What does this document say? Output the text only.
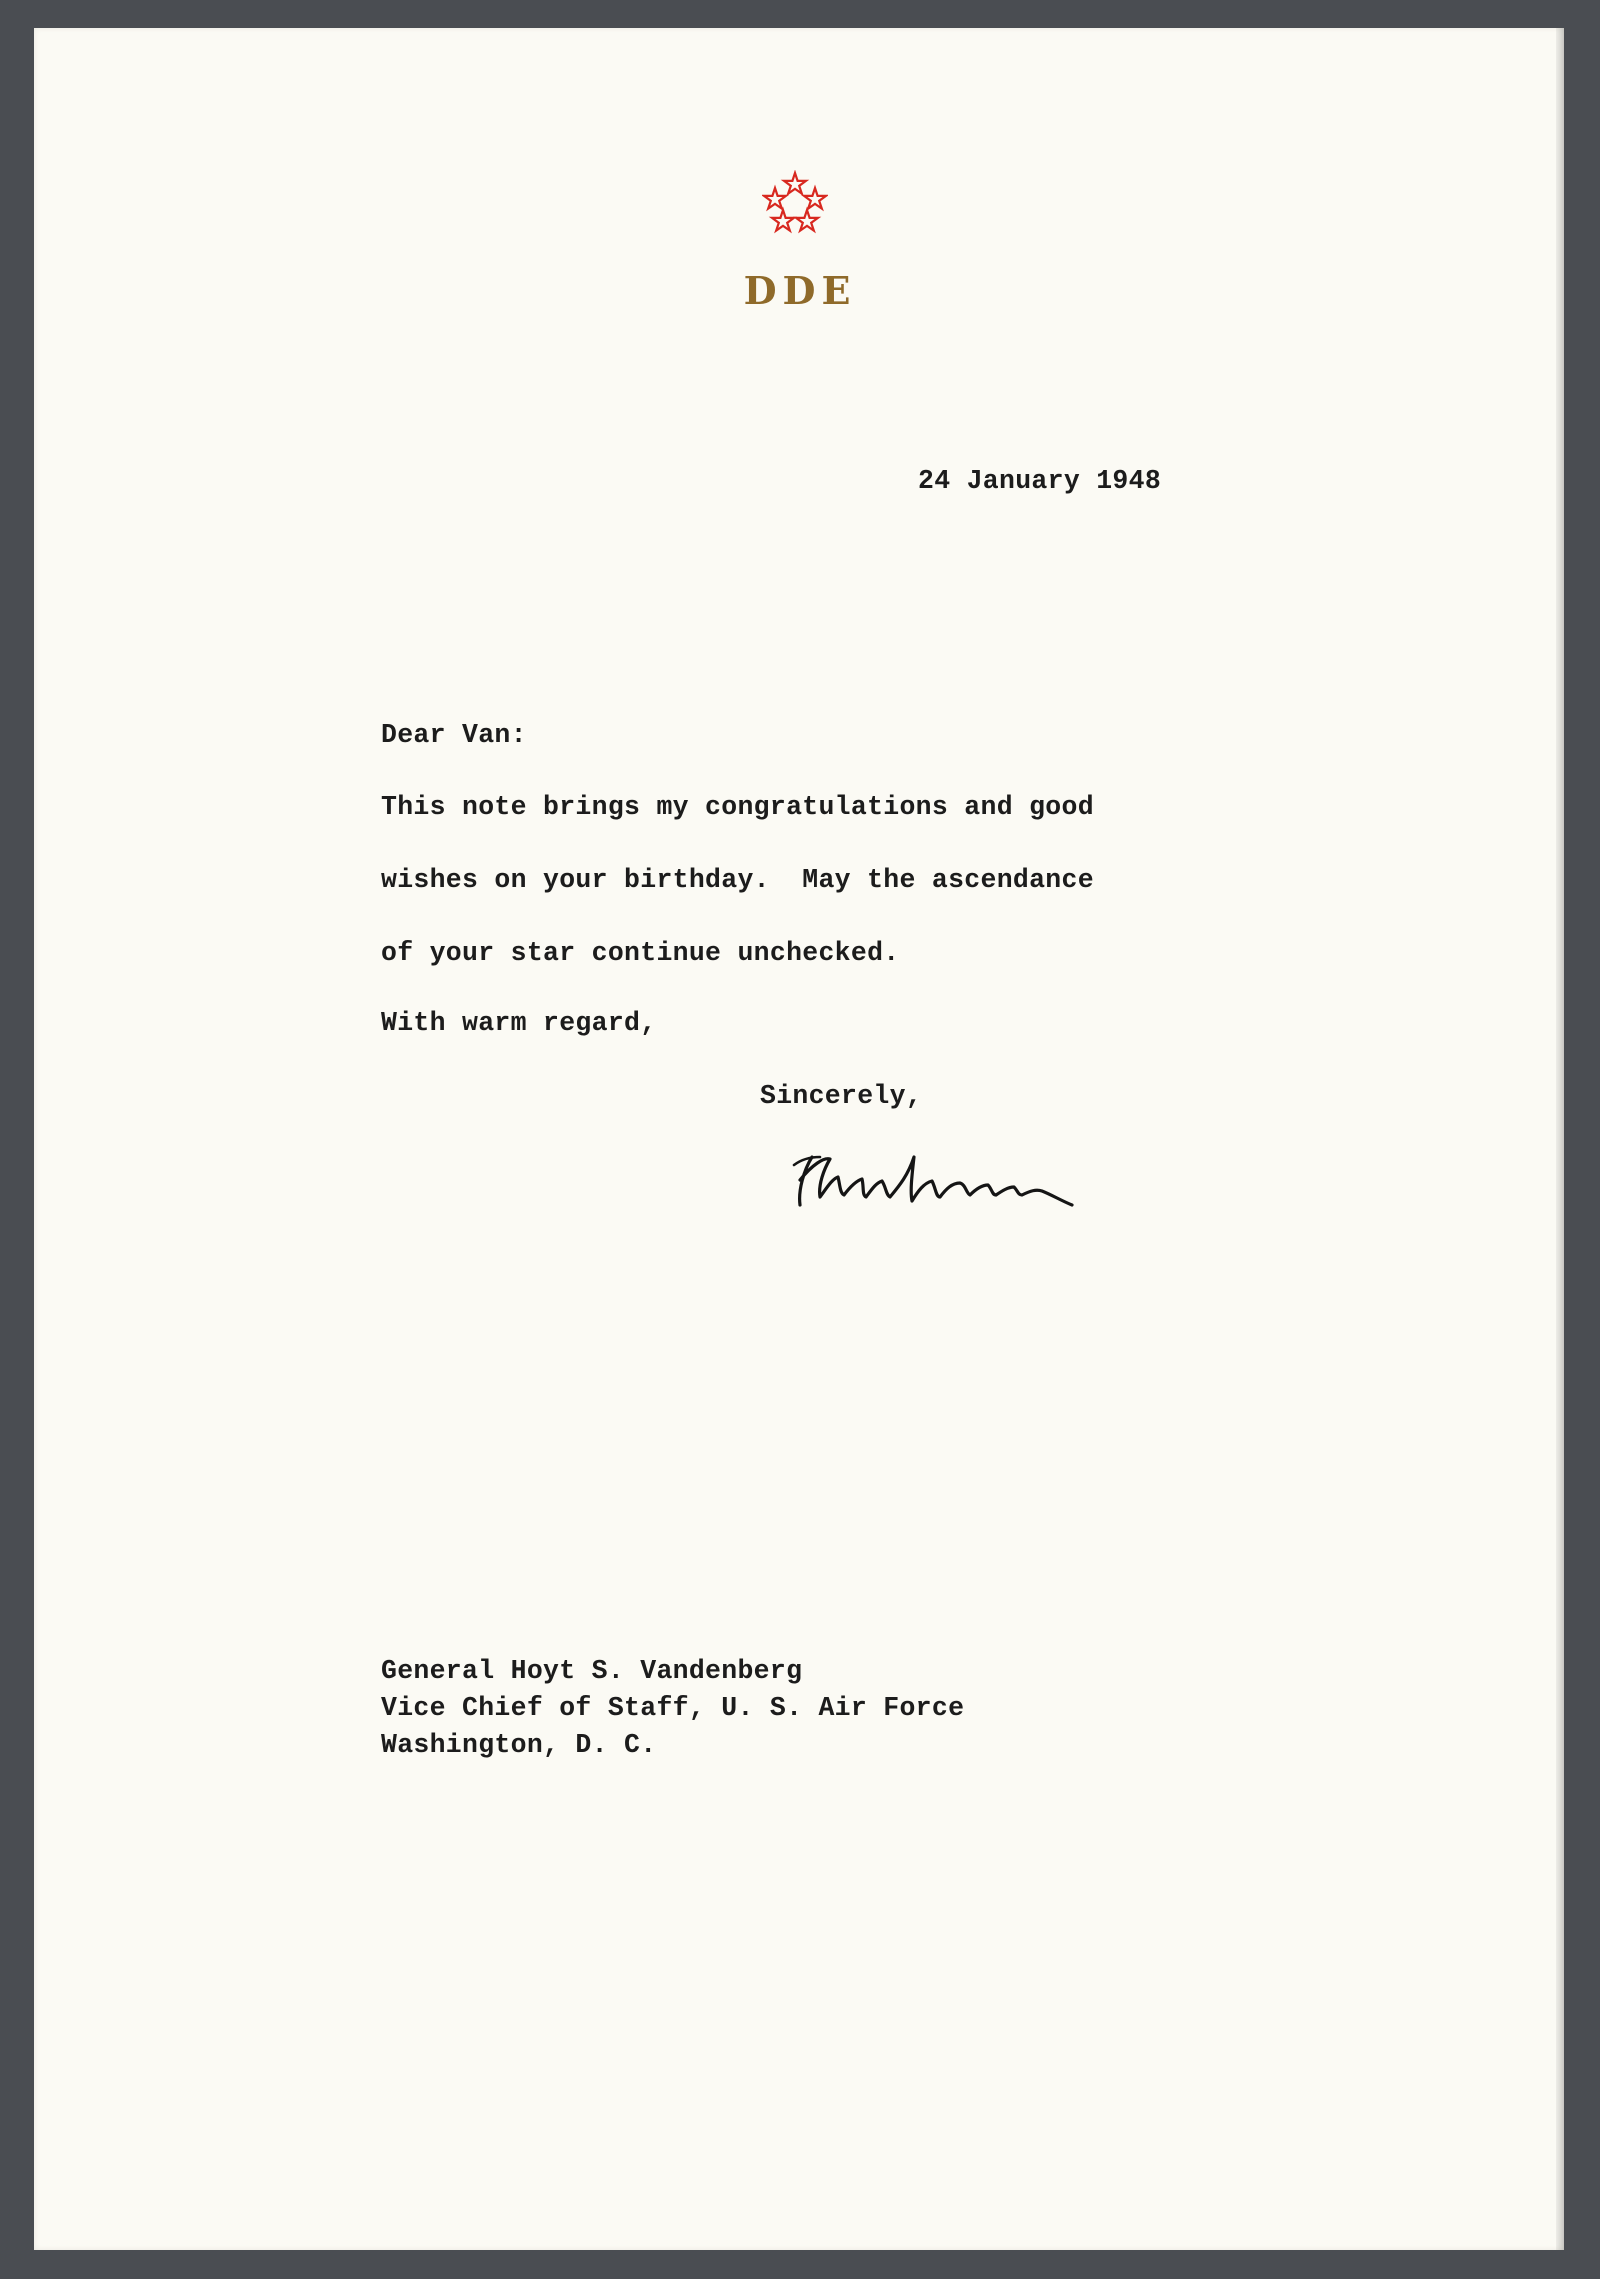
DDE
24 January 1948
Dear Van:
This note brings my congratulations and good
wishes on your birthday.  May the ascendance
of your star continue unchecked.
With warm regard,
Sincerely,
General Hoyt S. Vandenberg
Vice Chief of Staff, U. S. Air Force
Washington, D. C.
